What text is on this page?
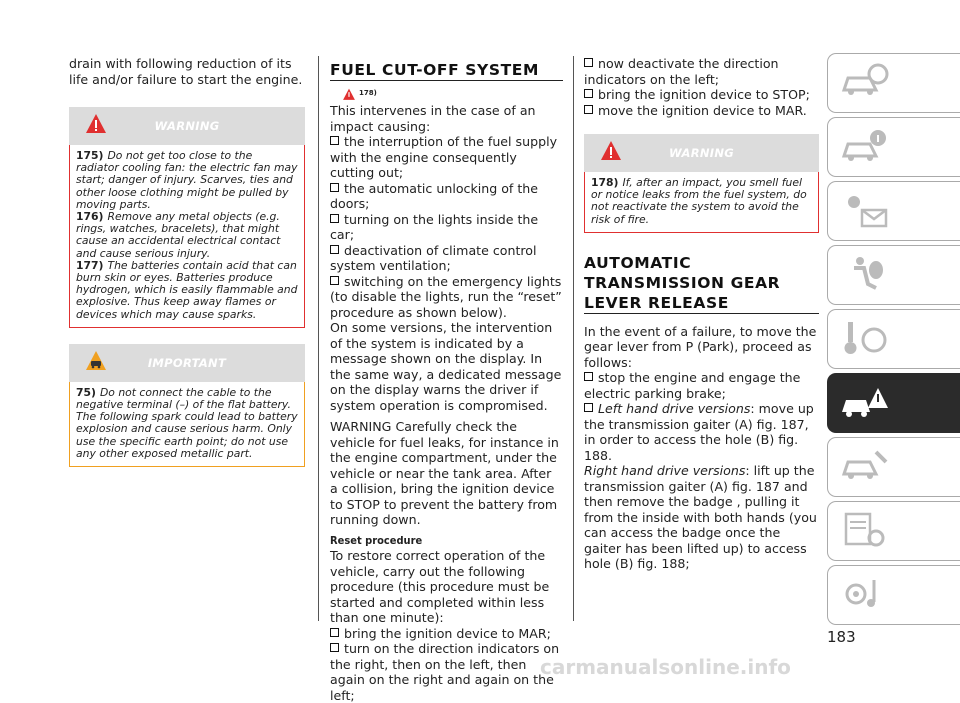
drain with following reduction of its life and/or failure to start the engine.

WARNING

175) Do not get too close to the radiator cooling fan: the electric fan may start; danger of injury. Scarves, ties and other loose clothing might be pulled by moving parts.

176) Remove any metal objects (e.g. rings, watches, bracelets), that might cause an accidental electrical contact and cause serious injury.

177) The batteries contain acid that can burn skin or eyes. Batteries produce hydrogen, which is easily flammable and explosive. Thus keep away flames or devices which may cause sparks.

IMPORTANT

75) Do not connect the cable to the negative terminal (–) of the flat battery. The following spark could lead to battery explosion and cause serious harm. Only use the specific earth point; do not use any other exposed metallic part.

FUEL CUT-OFF SYSTEM
178)

This intervenes in the case of an impact causing:

the interruption of the fuel supply with the engine consequently cutting out;
the automatic unlocking of the doors;
turning on the lights inside the car;
deactivation of climate control system ventilation;
switching on the emergency lights (to disable the lights, run the “reset” procedure as shown below).

On some versions, the intervention of the system is indicated by a message shown on the display. In the same way, a dedicated message on the display warns the driver if system operation is compromised.

WARNING Carefully check the vehicle for fuel leaks, for instance in the engine compartment, under the vehicle or near the tank area. After a collision, bring the ignition device to STOP to prevent the battery from running down.

Reset procedure

To restore correct operation of the vehicle, carry out the following procedure (this procedure must be started and completed within less than one minute):

bring the ignition device to MAR;
turn on the direction indicators on the right, then on the left, then again on the right and again on the left;
now deactivate the direction indicators on the left;
bring the ignition device to STOP;
move the ignition device to MAR.
WARNING

178) If, after an impact, you smell fuel or notice leaks from the fuel system, do not reactivate the system to avoid the risk of fire.

AUTOMATIC
TRANSMISSION GEAR
LEVER RELEASE

In the event of a failure, to move the gear lever from P (Park), proceed as follows:

stop the engine and engage the electric parking brake;
Left hand drive versions: move up the transmission gaiter (A) fig. 187, in order to access the hole (B) fig. 188.

Right hand drive versions: lift up the transmission gaiter (A) fig. 187 and then remove the badge , pulling it from the inside with both hands (you can access the badge once the gaiter has been lifted up) to access hole (B) fig. 188;

183
carmanualsonline.info
